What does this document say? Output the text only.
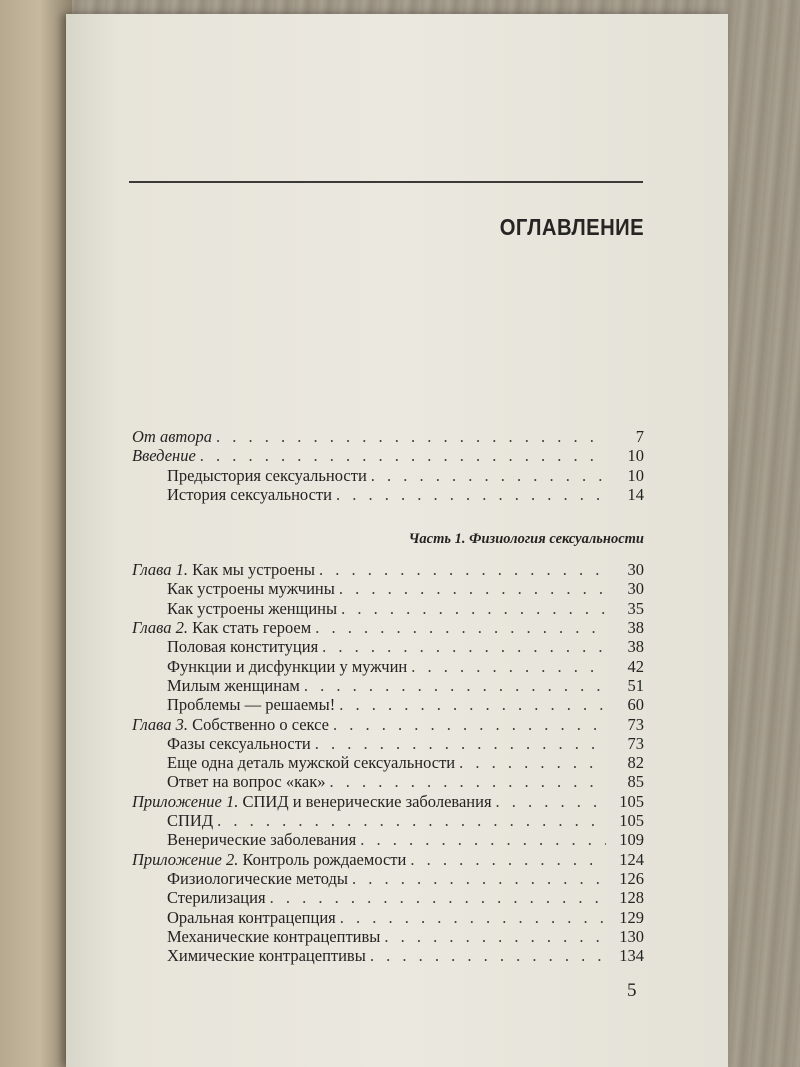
ОГЛАВЛЕНИЕ
От автора . . .	7
Введение . . .	10
Предыстория сексуальности . . .	10
История сексуальности . . .	14
Часть 1. Физиология сексуальности
Глава 1. Как мы устроены . . .	30
Как устроены мужчины . . .	30
Как устроены женщины . . .	35
Глава 2. Как стать героем . . .	38
Половая конституция . . .	38
Функции и дисфункции у мужчин . . .	42
Милым женщинам . . .	51
Проблемы — решаемы! . . .	60
Глава 3. Собственно о сексе . . .	73
Фазы сексуальности . . .	73
Еще одна деталь мужской сексуальности . . .	82
Ответ на вопрос «как» . . .	85
Приложение 1. СПИД и венерические заболевания . . .	105
СПИД . . .	105
Венерические заболевания . . .	109
Приложение 2. Контроль рождаемости . . .	124
Физиологические методы . . .	126
Стерилизация . . .	128
Оральная контрацепция . . .	129
Механические контрацептивы . . .	130
Химические контрацептивы . . .	134
5
